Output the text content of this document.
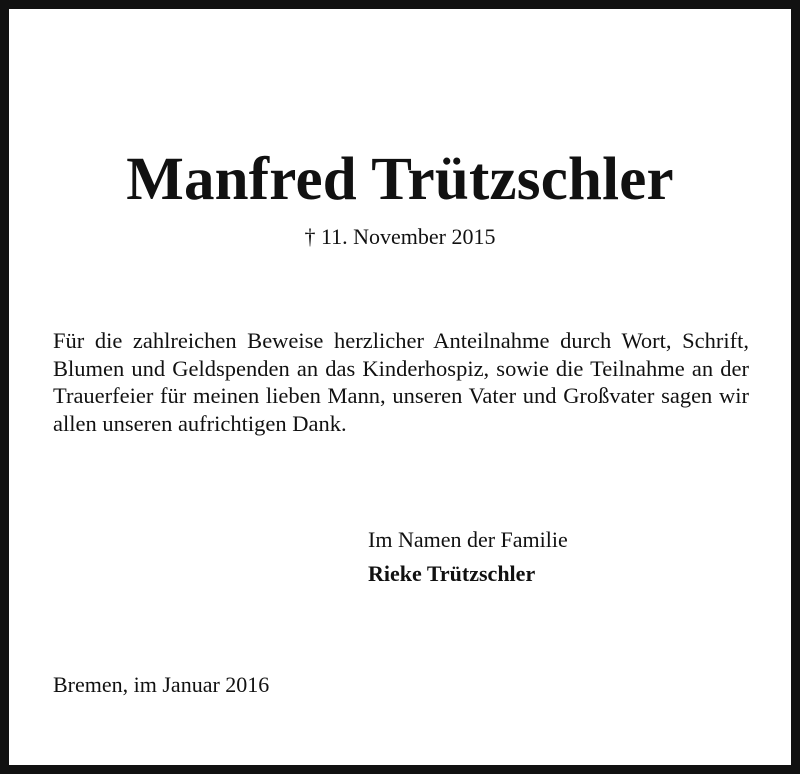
Manfred Trützschler

† 11. November 2015

Für die zahlreichen Beweise herzlicher Anteilnahme durch Wort, Schrift, Blumen und Geldspenden an das Kinderhospiz, sowie die Teilnahme an der Trauerfeier für meinen lieben Mann, unseren Vater und Großvater sagen wir allen unseren aufrichtigen Dank.

Im Namen der Familie
Rieke Trützschler

Bremen, im Januar 2016
